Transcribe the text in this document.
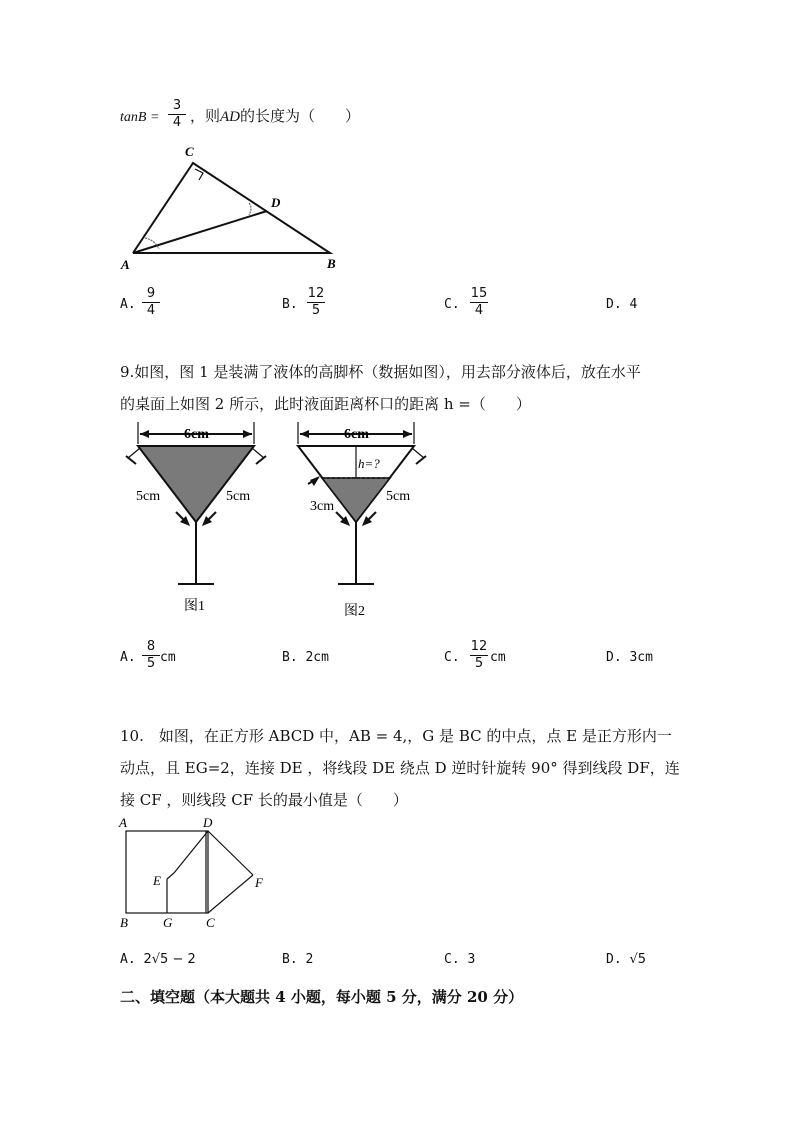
tanB =
3
4 ，则AD的长度为（　　）
C
D
A	B
A.
9
4	B.
12
5	C.
15
4	D. 4
9.如图，图 1 是装满了液体的高脚杯（数据如图），用去部分液体后，放在水平
的桌面上如图 2 所示，此时液面距离杯口的距离 h =（　　）
6cm
5cm	5cm
图1
6cm
h=?
3cm
5cm
图2
A.
8
5 cm	B. 2cm	C.
12
5 cm	D. 3cm
10.　如图，在正方形 ABCD 中，AB = 4,，G 是 BC 的中点，点 E 是正方形内一
动点，且 EG=2，连接 DE ，将线段 DE 绕点 D 逆时针旋转 90° 得到线段 DF，连
接 CF ，则线段 CF 长的最小值是（　　）
A	D
E	F
B	G	C
A. 2√5 − 2	B. 2	C. 3	D. √5
二、填空题（本大题共 4 小题，每小题 5 分，满分 20 分）
